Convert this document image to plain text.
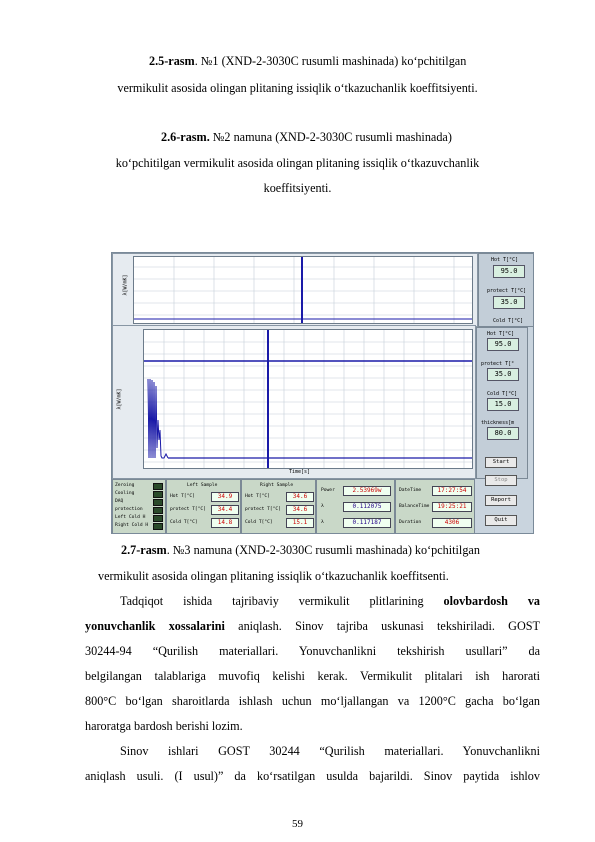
2.5-rasm. №1 (XND-2-3030C rusumli mashinada) ko‘pchitilgan
vermikulit asosida olingan plitaning issiqlik o‘tkazuchanlik koeffitsiyenti.
2.6-rasm. №2 namuna (XND-2-3030C rusumli mashinada)
ko‘pchitilgan vermikulit asosida olingan plitaning issiqlik o‘tkazuvchanlik
koeffitsiyenti.
λ[W/mK]
Hot T[°C]
95.0
protect T[°C]
35.0
Cold T[°C]
λ[W/mK]
Time[s]
Hot T[°C]
95.0
protect T[°
35.0
Cold T[°C]
15.0
thickness[m
80.0
Start
Stop
Report
Quit
Zeroing
Cooling
DAQ
protection
Left Cold H
Right Cold H
Left Sample
Hot T[°C]	34.9
protect T[°C]	34.4
Cold T[°C]	14.8
Right Sample
Hot T[°C]	34.6
protect T[°C]	34.6
Cold T[°C]	15.1
Power	2.53969w
λ	0.112075
λ	0.117187
DateTime	17:27:54
BalanceTime	19:25:21
Duration	4306
2.7-rasm. №3 namuna (XND-2-3030C rusumli mashinada) ko‘pchitilgan
vermikulit asosida olingan plitaning issiqlik o‘tkazuchanlik koeffitsenti.
Tadqiqot ishida tajribaviy vermikulit plitlarining olovbardosh va
yonuvchanlik xossalarini aniqlash. Sinov tajriba uskunasi tekshiriladi. GOST
30244-94 “Qurilish materiallari. Yonuvchanlikni tekshirish usullari” da
belgilangan talablariga muvofiq kelishi kerak. Vermikulit plitalari ish harorati
800°C bo‘lgan sharoitlarda ishlash uchun mo‘ljallangan va 1200°C gacha bo‘lgan
haroratga bardosh berishi lozim.
Sinov ishlari GOST 30244 “Qurilish materiallari. Yonuvchanlikni
aniqlash usuli. (I usul)” da ko‘rsatilgan usulda bajarildi. Sinov paytida ishlov
59
